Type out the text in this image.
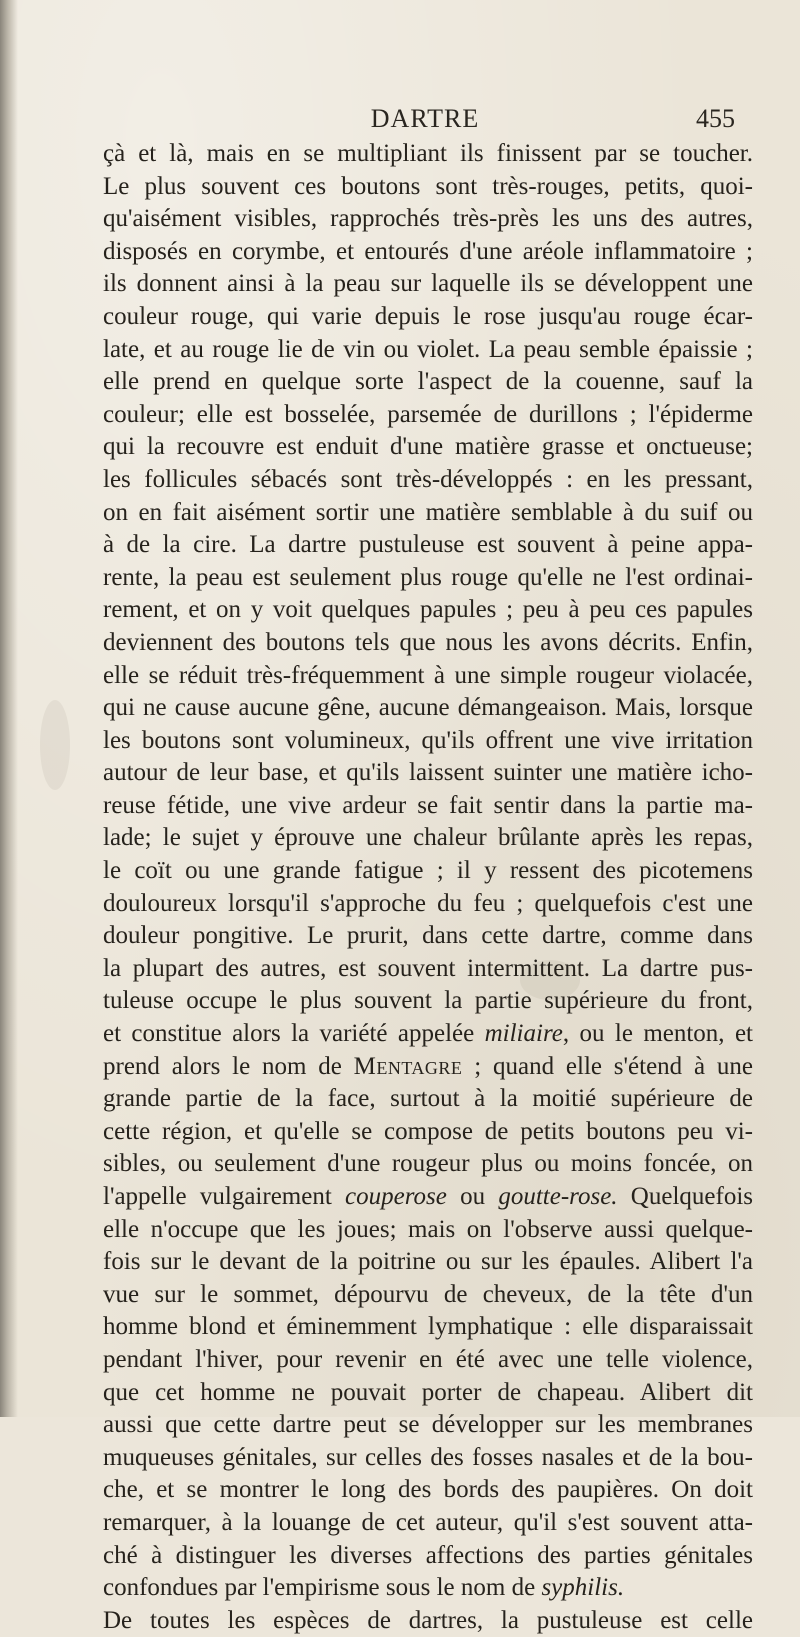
DARTRE	455
çà et là, mais en se multipliant ils finissent par se toucher.
Le plus souvent ces boutons sont très-rouges, petits, quoi-
qu'aisément visibles, rapprochés très-près les uns des autres,
disposés en corymbe, et entourés d'une aréole inflammatoire ;
ils donnent ainsi à la peau sur laquelle ils se développent une
couleur rouge, qui varie depuis le rose jusqu'au rouge écar-
late, et au rouge lie de vin ou violet. La peau semble épaissie ;
elle prend en quelque sorte l'aspect de la couenne, sauf la
couleur; elle est bosselée, parsemée de durillons ; l'épiderme
qui la recouvre est enduit d'une matière grasse et onctueuse;
les follicules sébacés sont très-développés : en les pressant,
on en fait aisément sortir une matière semblable à du suif ou
à de la cire. La dartre pustuleuse est souvent à peine appa-
rente, la peau est seulement plus rouge qu'elle ne l'est ordinai-
rement, et on y voit quelques papules ; peu à peu ces papules
deviennent des boutons tels que nous les avons décrits. Enfin,
elle se réduit très-fréquemment à une simple rougeur violacée,
qui ne cause aucune gêne, aucune démangeaison. Mais, lorsque
les boutons sont volumineux, qu'ils offrent une vive irritation
autour de leur base, et qu'ils laissent suinter une matière icho-
reuse fétide, une vive ardeur se fait sentir dans la partie ma-
lade; le sujet y éprouve une chaleur brûlante après les repas,
le coït ou une grande fatigue ; il y ressent des picotemens
douloureux lorsqu'il s'approche du feu ; quelquefois c'est une
douleur pongitive. Le prurit, dans cette dartre, comme dans
la plupart des autres, est souvent intermittent. La dartre pus-
tuleuse occupe le plus souvent la partie supérieure du front,
et constitue alors la variété appelée miliaire, ou le menton, et
prend alors le nom de Mentagre ; quand elle s'étend à une
grande partie de la face, surtout à la moitié supérieure de
cette région, et qu'elle se compose de petits boutons peu vi-
sibles, ou seulement d'une rougeur plus ou moins foncée, on
l'appelle vulgairement couperose ou goutte-rose. Quelquefois
elle n'occupe que les joues; mais on l'observe aussi quelque-
fois sur le devant de la poitrine ou sur les épaules. Alibert l'a
vue sur le sommet, dépourvu de cheveux, de la tête d'un
homme blond et éminemment lymphatique : elle disparaissait
pendant l'hiver, pour revenir en été avec une telle violence,
que cet homme ne pouvait porter de chapeau. Alibert dit
aussi que cette dartre peut se développer sur les membranes
muqueuses génitales, sur celles des fosses nasales et de la bou-
che, et se montrer le long des bords des paupières. On doit
remarquer, à la louange de cet auteur, qu'il s'est souvent atta-
ché à distinguer les diverses affections des parties génitales
confondues par l'empirisme sous le nom de syphilis.
De toutes les espèces de dartres, la pustuleuse est celle
